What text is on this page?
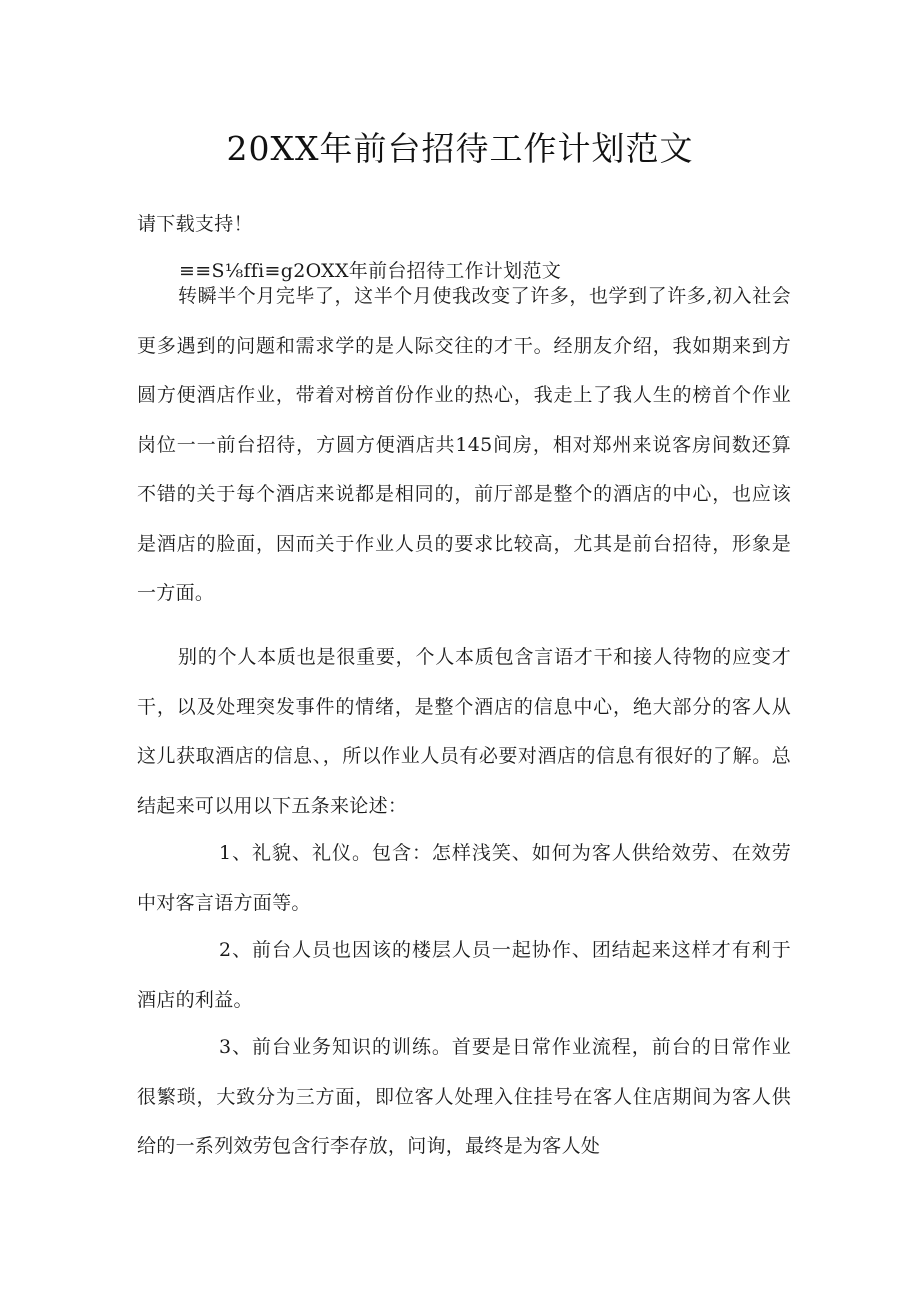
20XX年前台招待工作计划范文
请下载支持！
≡≡S⅛ffi≡g2OXX年前台招待工作计划范文
转瞬半个月完毕了，这半个月使我改变了许多，也学到了许多,初入社会更多遇到的问题和需求学的是人际交往的才干。经朋友介绍，我如期来到方圆方便酒店作业，带着对榜首份作业的热心，我走上了我人生的榜首个作业岗位一一前台招待，方圆方便酒店共145间房，相对郑州来说客房间数还算不错的关于每个酒店来说都是相同的，前厅部是整个的酒店的中心，也应该是酒店的脸面，因而关于作业人员的要求比较高，尤其是前台招待，形象是一方面。
别的个人本质也是很重要，个人本质包含言语才干和接人待物的应变才干，以及处理突发事件的情绪，是整个酒店的信息中心，绝大部分的客人从这儿获取酒店的信息、，所以作业人员有必要对酒店的信息有很好的了解。总结起来可以用以下五条来论述：
1、礼貌、礼仪。包含：怎样浅笑、如何为客人供给效劳、在效劳中对客言语方面等。
2、前台人员也因该的楼层人员一起协作、团结起来这样才有利于酒店的利益。
3、前台业务知识的训练。首要是日常作业流程，前台的日常作业很繁琐，大致分为三方面，即位客人处理入住挂号在客人住店期间为客人供给的一系列效劳包含行李存放，问询，最终是为客人处
